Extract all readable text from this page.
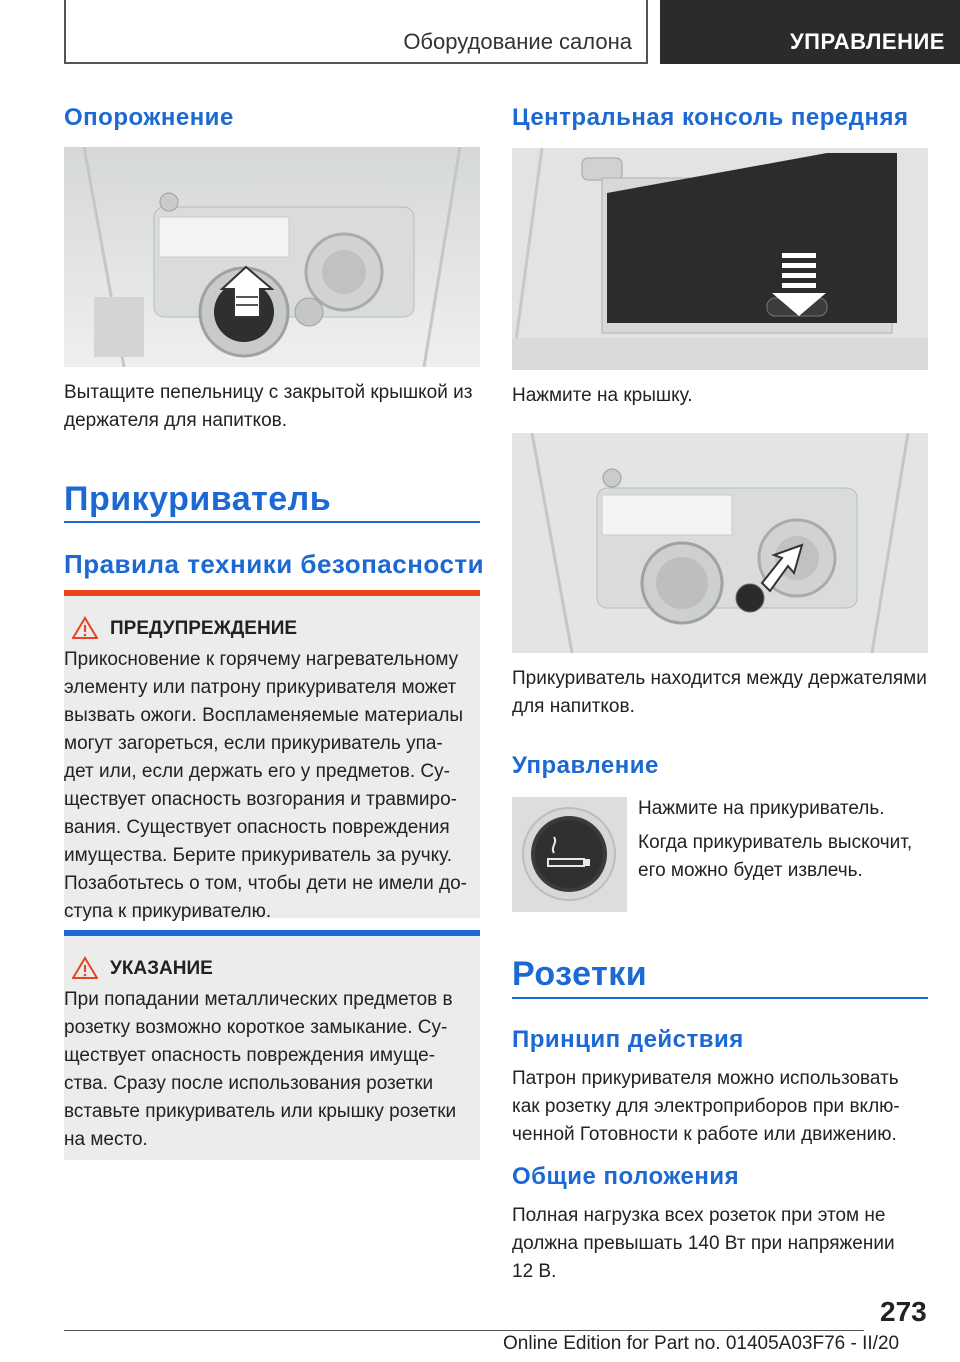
Оборудование салона	УПРАВЛЕНИЕ
Опорожнение
Вытащите пепельницу с закрытой крышкой из
держателя для напитков.
Прикуриватель
Правила техники безопасности
ПРЕДУПРЕЖДЕНИЕ
Прикосновение к горячему нагревательному
элементу или патрону прикуривателя может
вызвать ожоги. Воспламеняемые материалы
могут загореться, если прикуриватель упа-
дет или, если держать его у предметов. Су-
ществует опасность возгорания и травмиро-
вания. Существует опасность повреждения
имущества. Берите прикуриватель за ручку.
Позаботьтесь о том, чтобы дети не имели до-
ступа к прикуривателю.
УКАЗАНИЕ
При попадании металлических предметов в
розетку возможно короткое замыкание. Су-
ществует опасность повреждения имуще-
ства. Сразу после использования розетки
вставьте прикуриватель или крышку розетки
на место.
Центральная консоль передняя
Нажмите на крышку.
Прикуриватель находится между держателями
для напитков.
Управление
Нажмите на прикуриватель.
Когда прикуриватель выскочит,
его можно будет извлечь.
Розетки
Принцип действия
Патрон прикуривателя можно использовать
как розетку для электроприборов при вклю-
ченной Готовности к работе или движению.
Общие положения
Полная нагрузка всех розеток при этом не
должна превышать 140 Вт при напряжении
12 В.
273
Online Edition for Part no. 01405A03F76 - II/20
